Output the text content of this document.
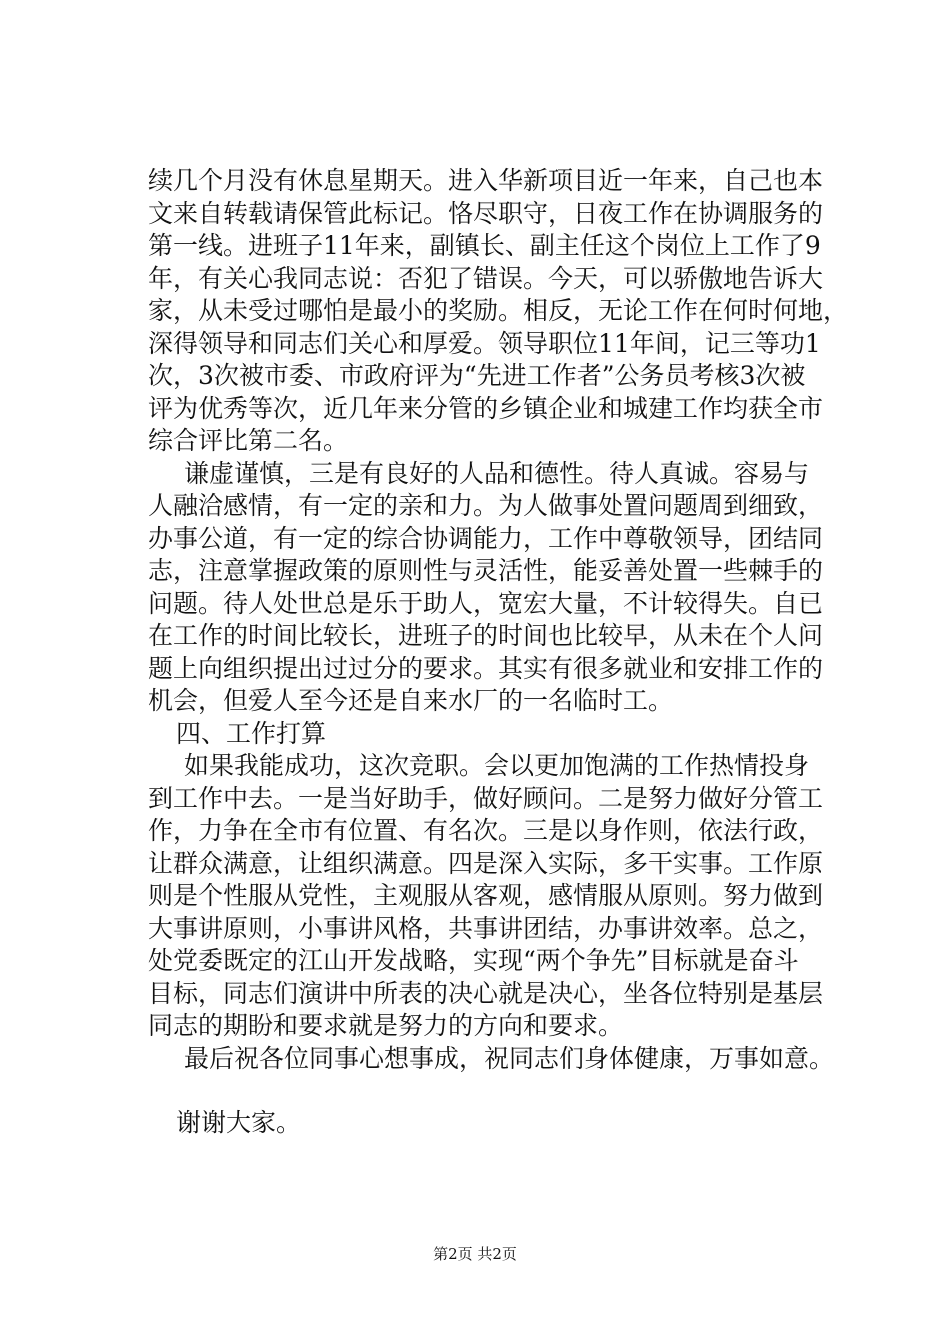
续几个月没有休息星期天。进入华新项目近一年来，自己也本
文来自转载请保管此标记。恪尽职守，日夜工作在协调服务的
第一线。进班子11年来，副镇长、副主任这个岗位上工作了9
年，有关心我同志说：否犯了错误。今天，可以骄傲地告诉大
家，从未受过哪怕是最小的奖励。相反，无论工作在何时何地，
深得领导和同志们关心和厚爱。领导职位11年间，记三等功1
次，3次被市委、市政府评为“先进工作者”公务员考核3次被
评为优秀等次，近几年来分管的乡镇企业和城建工作均获全市
综合评比第二名。
谦虚谨慎，三是有良好的人品和德性。待人真诚。容易与
人融洽感情，有一定的亲和力。为人做事处置问题周到细致，
办事公道，有一定的综合协调能力，工作中尊敬领导，团结同
志，注意掌握政策的原则性与灵活性，能妥善处置一些棘手的
问题。待人处世总是乐于助人，宽宏大量，不计较得失。自已
在工作的时间比较长，进班子的时间也比较早，从未在个人问
题上向组织提出过过分的要求。其实有很多就业和安排工作的
机会，但爱人至今还是自来水厂的一名临时工。
四、工作打算
如果我能成功，这次竞职。会以更加饱满的工作热情投身
到工作中去。一是当好助手，做好顾问。二是努力做好分管工
作，力争在全市有位置、有名次。三是以身作则，依法行政，
让群众满意，让组织满意。四是深入实际，多干实事。工作原
则是个性服从党性，主观服从客观，感情服从原则。努力做到
大事讲原则，小事讲风格，共事讲团结，办事讲效率。总之，
处党委既定的江山开发战略，实现“两个争先”目标就是奋斗
目标，同志们演讲中所表的决心就是决心，坐各位特别是基层
同志的期盼和要求就是努力的方向和要求。
最后祝各位同事心想事成，祝同志们身体健康，万事如意。
谢谢大家。
第2页 共2页
